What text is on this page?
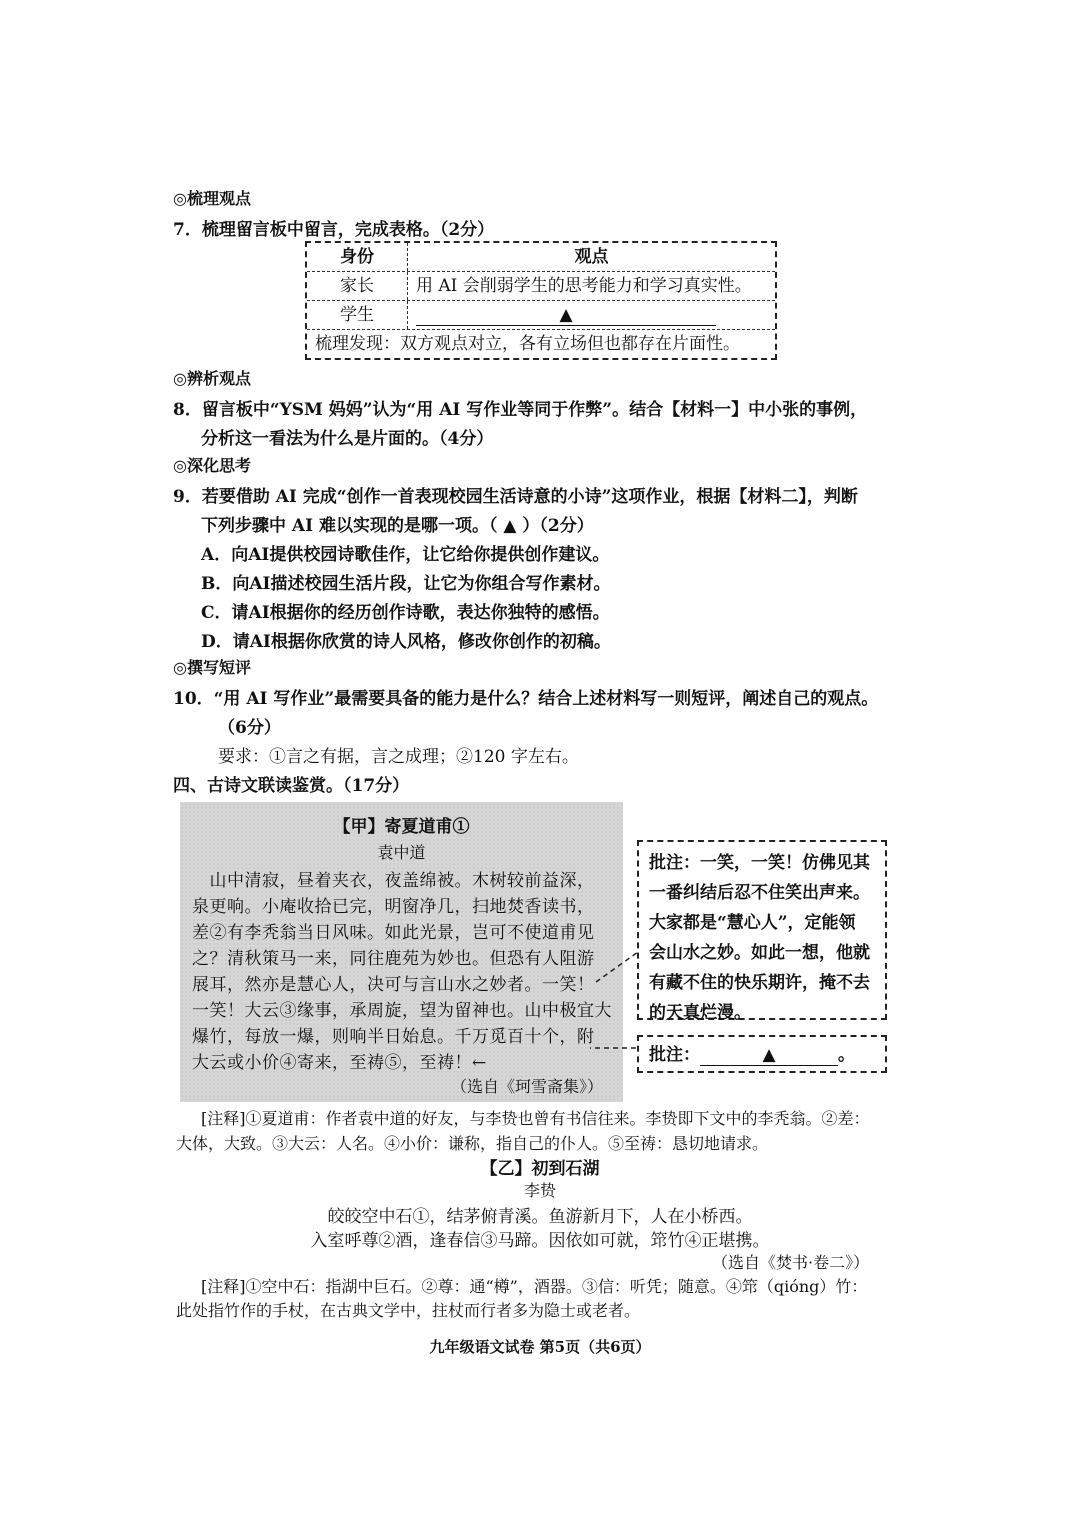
◎梳理观点
7．梳理留言板中留言，完成表格。（2分）
身份	观点
家长	用 AI 会削弱学生的思考能力和学习真实性。
学生	▲
梳理发现：双方观点对立，各有立场但也都存在片面性。
◎辨析观点
8．留言板中“YSM 妈妈”认为“用 AI 写作业等同于作弊”。结合【材料一】中小张的事例，
分析这一看法为什么是片面的。（4分）
◎深化思考
9．若要借助 AI 完成“创作一首表现校园生活诗意的小诗”这项作业，根据【材料二】，判断
下列步骤中 AI 难以实现的是哪一项。（ ▲ ）（2分）
A．向AI提供校园诗歌佳作，让它给你提供创作建议。
B．向AI描述校园生活片段，让它为你组合写作素材。
C．请AI根据你的经历创作诗歌，表达你独特的感悟。
D．请AI根据你欣赏的诗人风格，修改你创作的初稿。
◎撰写短评
10．“用 AI 写作业”最需要具备的能力是什么？结合上述材料写一则短评，阐述自己的观点。
（6分）
要求：①言之有据，言之成理；②120 字左右。
四、古诗文联读鉴赏。（17分）
【甲】寄夏道甫①
袁中道
　山中清寂，昼着夹衣，夜盖绵被。木树较前益深，
泉更响。小庵收拾已完，明窗净几，扫地焚香读书，
差②有李秃翁当日风味。如此光景，岂可不使道甫见
之？清秋策马一来，同往鹿苑为妙也。但恐有人阻游
展耳，然亦是慧心人，决可与言山水之妙者。一笑！
一笑！大云③缘事，承周旋，望为留神也。山中极宜大
爆竹，每放一爆，则响半日始息。千万觅百十个，附
大云或小价④寄来，至祷⑤，至祷！←
（选自《珂雪斋集》）
批注：一笑，一笑！仿佛见其
一番纠结后忍不住笑出声来。
大家都是“慧心人”，定能领
会山水之妙。如此一想，他就
有藏不住的快乐期许，掩不去
的天真烂漫。
批注：	▲	。
[注释]①夏道甫：作者袁中道的好友，与李贽也曾有书信往来。李贽即下文中的李秃翁。②差：
大体，大致。③大云：人名。④小价：谦称，指自己的仆人。⑤至祷：恳切地请求。
【乙】初到石湖
李贽
皎皎空中石①，结茅俯青溪。鱼游新月下，人在小桥西。
入室呼尊②酒，逢春信③马蹄。因依如可就，筇竹④正堪携。
（选自《焚书·卷二》）
[注释]①空中石：指湖中巨石。②尊：通“樽”，酒器。③信：听凭；随意。④筇（qióng）竹：
此处指竹作的手杖，在古典文学中，拄杖而行者多为隐士或老者。
九年级语文试卷 第5页（共6页）
